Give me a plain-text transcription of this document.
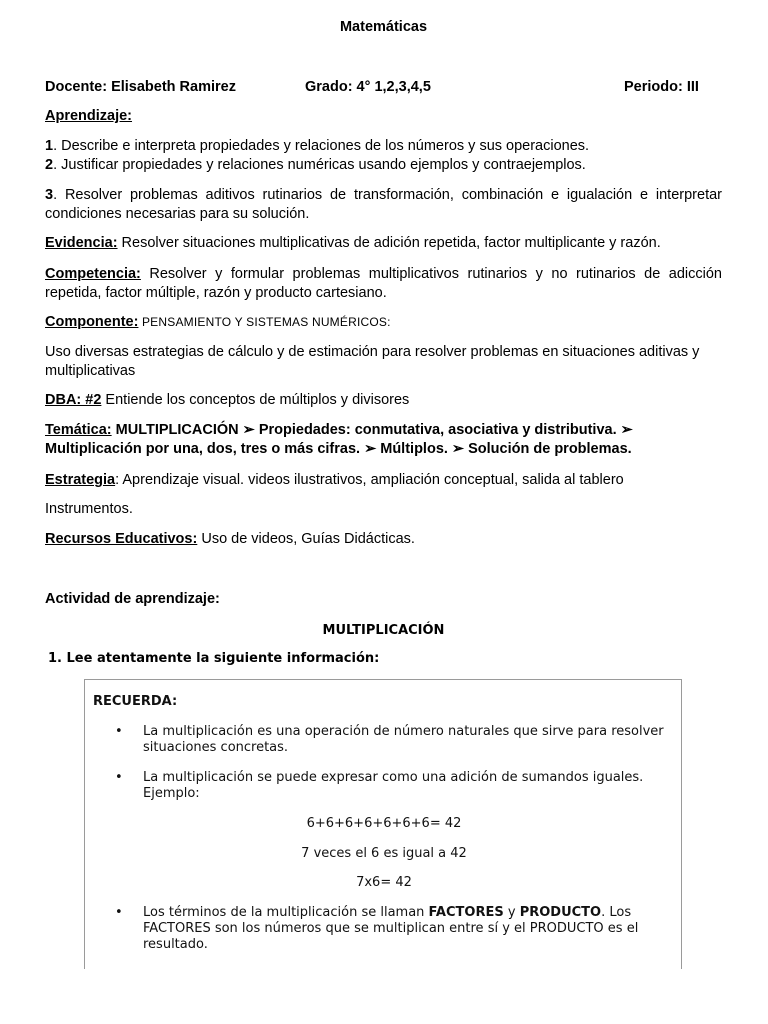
Matemáticas
Docente: Elisabeth Ramirez	Grado: 4° 1,2,3,4,5	Periodo: III
Aprendizaje:
1. Describe e interpreta propiedades y relaciones de los números y sus operaciones.
2. Justificar propiedades y relaciones numéricas usando ejemplos y contraejemplos.
3. Resolver problemas aditivos rutinarios de transformación, combinación e igualación e interpretar condiciones necesarias para su solución.
Evidencia: Resolver situaciones multiplicativas de adición repetida, factor multiplicante y razón.
Competencia: Resolver y formular problemas multiplicativos rutinarios y no rutinarios de adicción repetida, factor múltiple, razón y producto cartesiano.
Componente: PENSAMIENTO Y SISTEMAS NUMÉRICOS:
Uso diversas estrategias de cálculo y de estimación para resolver problemas en situaciones aditivas y multiplicativas
DBA: #2 Entiende los conceptos de múltiplos y divisores
Temática: MULTIPLICACIÓN ➢ Propiedades: conmutativa, asociativa y distributiva. ➢ Multiplicación por una, dos, tres o más cifras. ➢ Múltiplos. ➢ Solución de problemas.
Estrategia: Aprendizaje visual. videos ilustrativos, ampliación conceptual, salida al tablero
Instrumentos.
Recursos Educativos: Uso de videos, Guías Didácticas.
Actividad de aprendizaje:
MULTIPLICACIÓN
1. Lee atentamente la siguiente información:
RECUERDA:
• La multiplicación es una operación de número naturales que sirve para resolver situaciones concretas.
• La multiplicación se puede expresar como una adición de sumandos iguales. Ejemplo:
6+6+6+6+6+6+6= 42
7 veces el 6 es igual a 42
7x6= 42
• Los términos de la multiplicación se llaman FACTORES y PRODUCTO. Los FACTORES son los números que se multiplican entre sí y el PRODUCTO es el resultado.
